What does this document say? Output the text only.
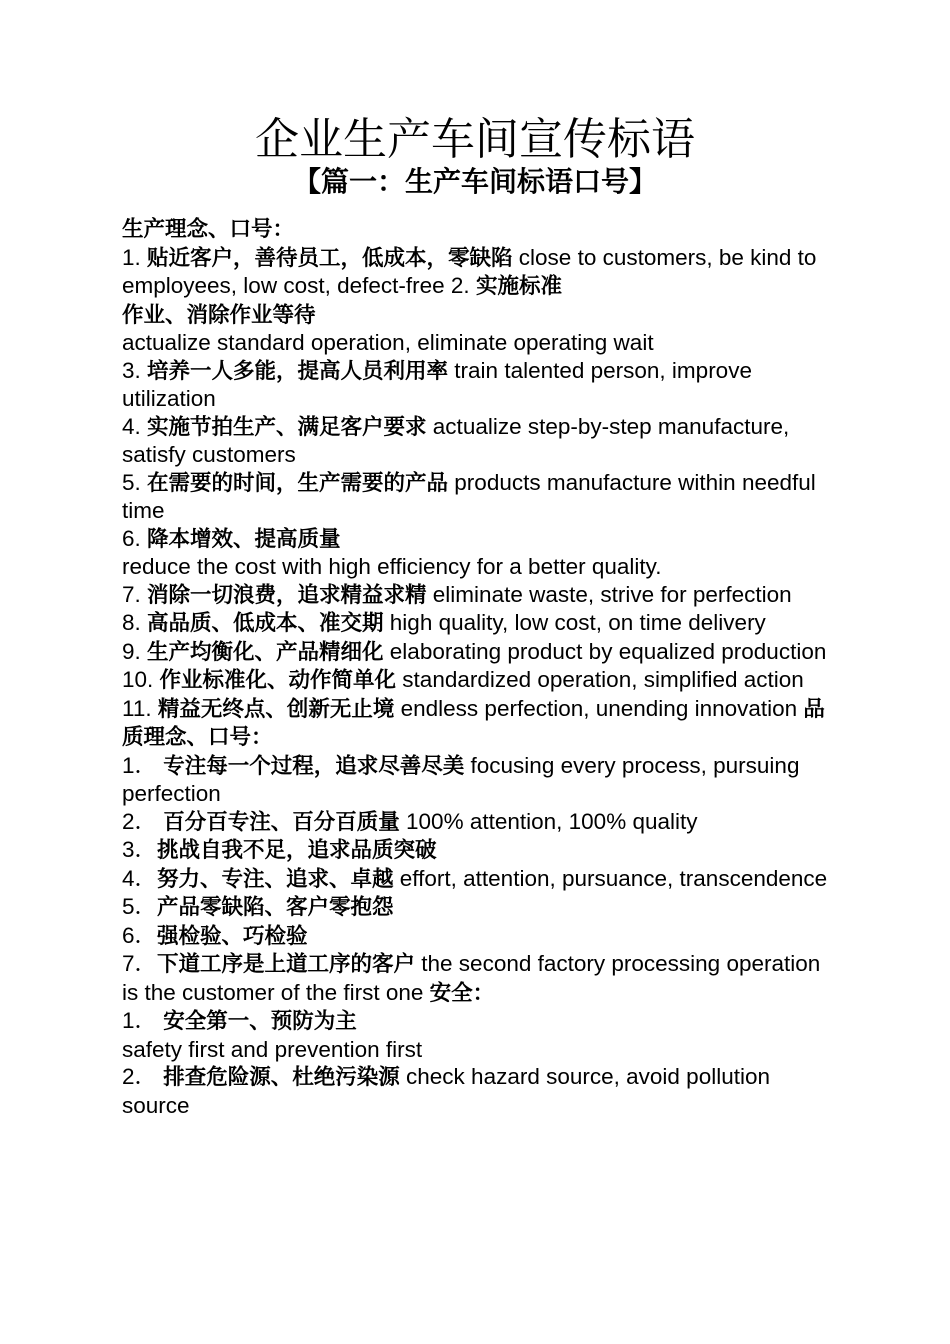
企业生产车间宣传标语
【篇一：生产车间标语口号】

生产理念、口号：

1. 贴近客户，善待员工，低成本，零缺陷 close to customers, be kind to employees, low cost, defect-free 2. 实施标准

作业、消除作业等待

actualize standard operation, eliminate operating wait

3. 培养一人多能，提高人员利用率 train talented person, improve utilization

4. 实施节拍生产、满足客户要求 actualize step-by-step manufacture, satisfy customers

5. 在需要的时间，生产需要的产品 products manufacture within needful time

6. 降本增效、提高质量

reduce the cost with high efficiency for a better quality.

7. 消除一切浪费，追求精益求精 eliminate waste, strive for perfection

8. 高品质、低成本、准交期 high quality, low cost, on time delivery

9. 生产均衡化、产品精细化 elaborating product by equalized production

10. 作业标准化、动作简单化 standardized operation, simplified action

11. 精益无终点、创新无止境 endless perfection, unending innovation 品质理念、口号：

1． 专注每一个过程，追求尽善尽美 focusing every process, pursuing perfection

2． 百分百专注、百分百质量 100% attention, 100% quality

3．挑战自我不足，追求品质突破

4．努力、专注、追求、卓越 effort, attention, pursuance, transcendence

5．产品零缺陷、客户零抱怨

6．强检验、巧检验

7．下道工序是上道工序的客户 the second factory processing operation is the customer of the first one 安全：

1． 安全第一、预防为主

safety first and prevention first

2． 排查危险源、杜绝污染源 check hazard source, avoid pollution source
